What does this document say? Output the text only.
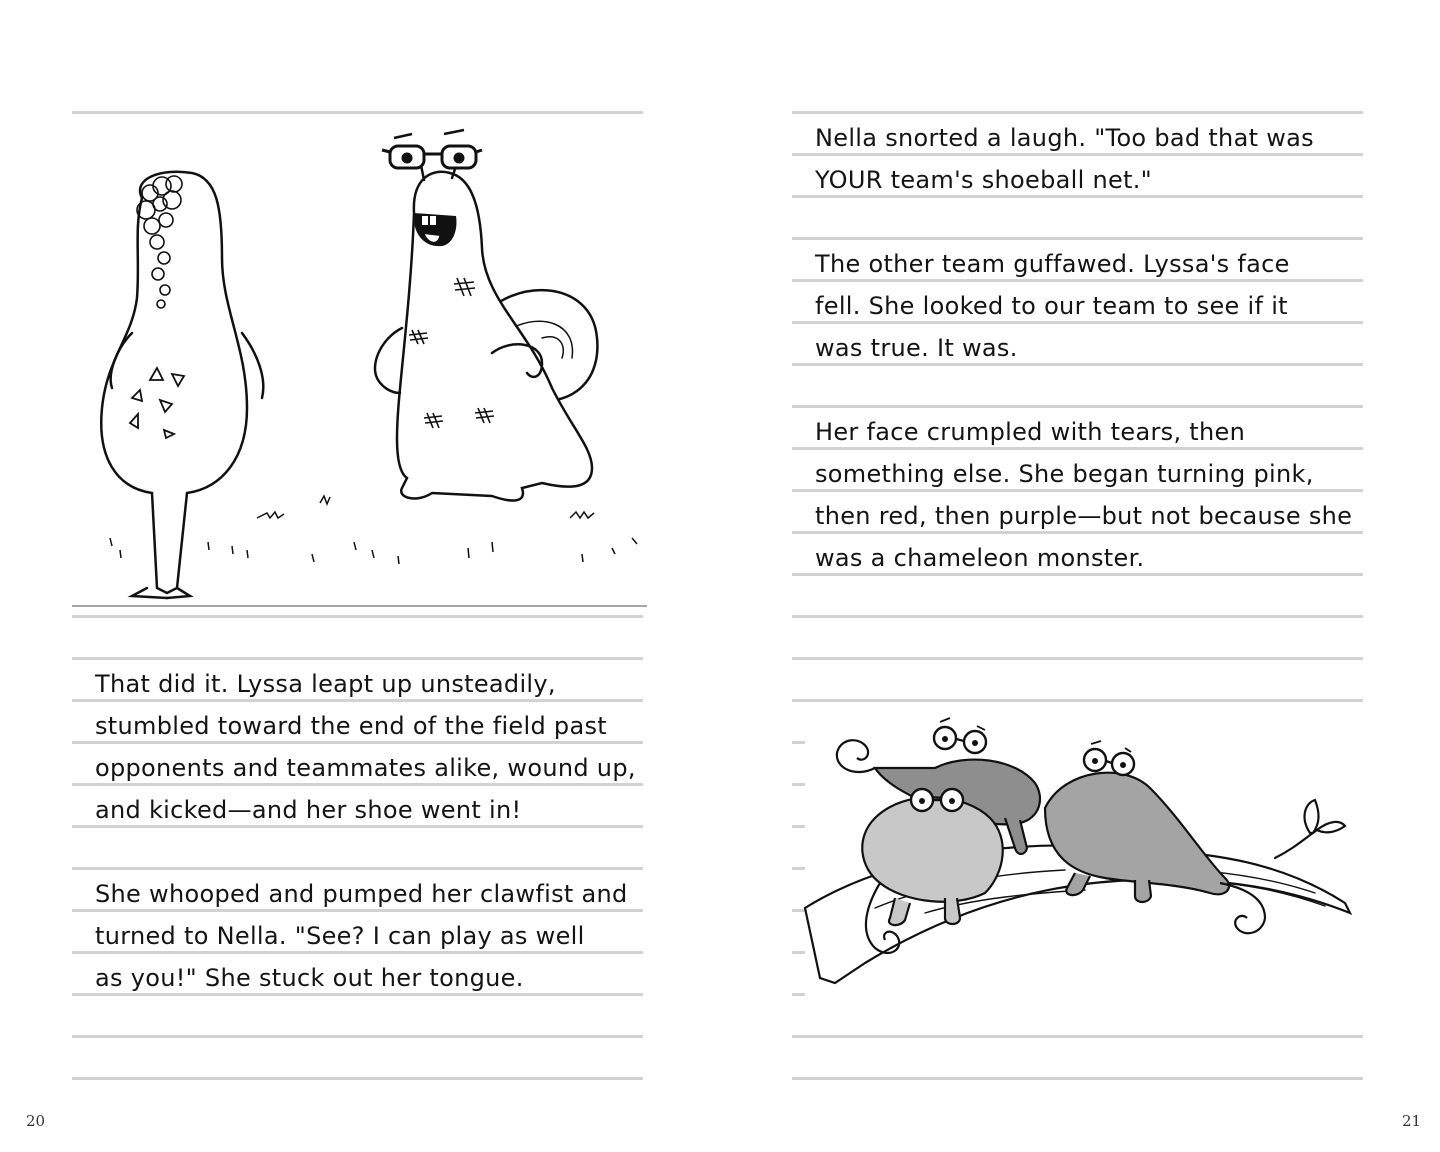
That did it. Lyssa leapt up unsteadily,
stumbled toward the end of the field past
opponents and teammates alike, wound up,
and kicked—and her shoe went in!
She whooped and pumped her clawfist and
turned to Nella. "See? I can play as well
as you!" She stuck out her tongue.
20
Nella snorted a laugh. "Too bad that was
YOUR team's shoeball net."
The other team guffawed. Lyssa's face
fell. She looked to our team to see if it
was true. It was.
Her face crumpled with tears, then
something else. She began turning pink,
then red, then purple—but not because she
was a chameleon monster.
21
